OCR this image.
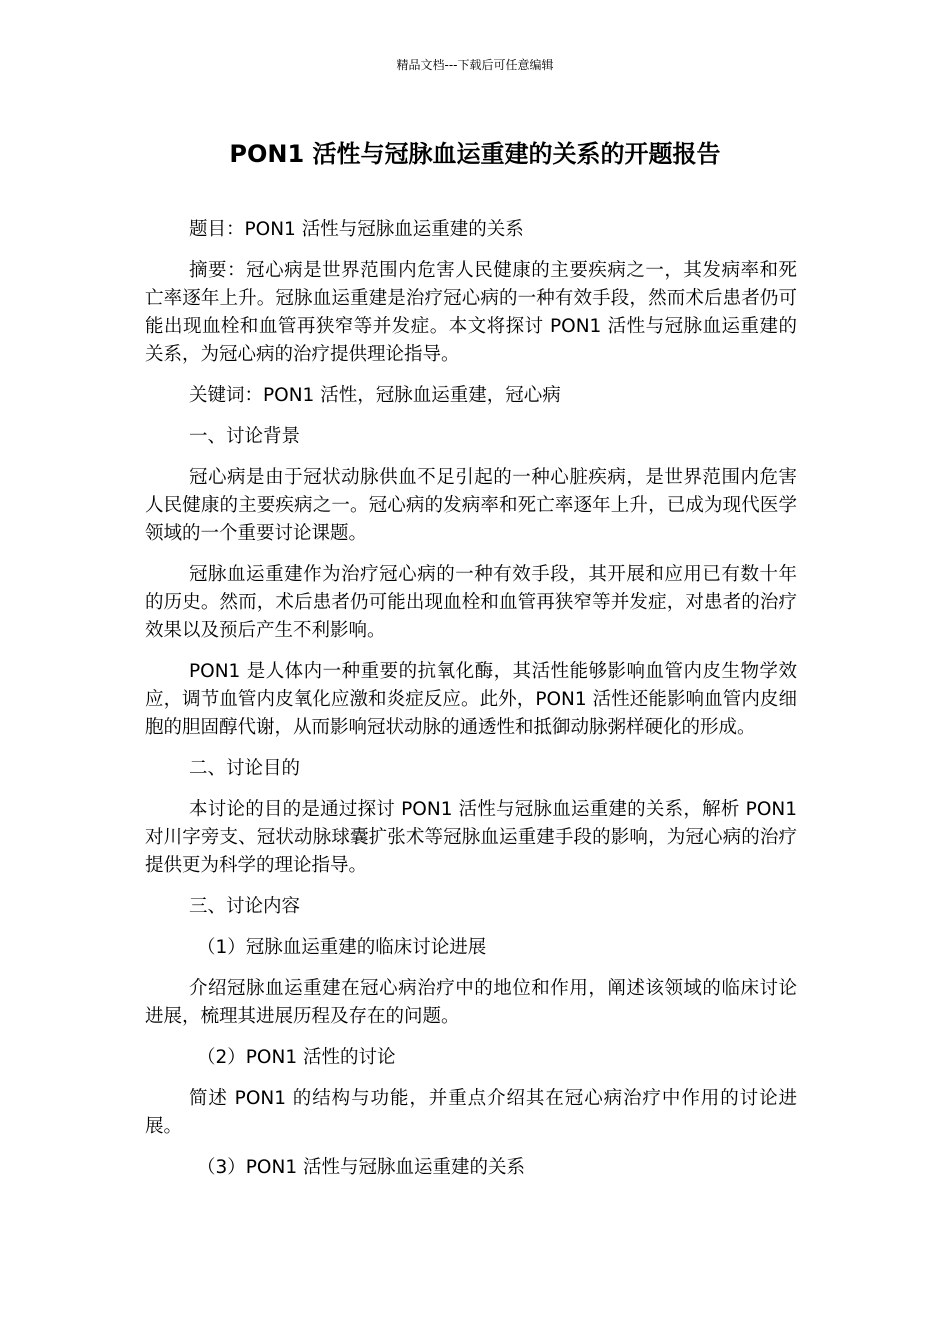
精品文档---下载后可任意编辑
PON1 活性与冠脉血运重建的关系的开题报告

题目：PON1 活性与冠脉血运重建的关系

摘要：冠心病是世界范围内危害人民健康的主要疾病之一，其发病率和死亡率逐年上升。冠脉血运重建是治疗冠心病的一种有效手段，然而术后患者仍可能出现血栓和血管再狭窄等并发症。本文将探讨 PON1 活性与冠脉血运重建的关系，为冠心病的治疗提供理论指导。

关键词：PON1 活性，冠脉血运重建，冠心病

一、讨论背景

冠心病是由于冠状动脉供血不足引起的一种心脏疾病，是世界范围内危害人民健康的主要疾病之一。冠心病的发病率和死亡率逐年上升，已成为现代医学领域的一个重要讨论课题。

冠脉血运重建作为治疗冠心病的一种有效手段，其开展和应用已有数十年的历史。然而，术后患者仍可能出现血栓和血管再狭窄等并发症，对患者的治疗效果以及预后产生不利影响。

PON1 是人体内一种重要的抗氧化酶，其活性能够影响血管内皮生物学效应，调节血管内皮氧化应激和炎症反应。此外，PON1 活性还能影响血管内皮细胞的胆固醇代谢，从而影响冠状动脉的通透性和抵御动脉粥样硬化的形成。

二、讨论目的

本讨论的目的是通过探讨 PON1 活性与冠脉血运重建的关系，解析 PON1 对川字旁支、冠状动脉球囊扩张术等冠脉血运重建手段的影响，为冠心病的治疗提供更为科学的理论指导。

三、讨论内容

（1）冠脉血运重建的临床讨论进展

介绍冠脉血运重建在冠心病治疗中的地位和作用，阐述该领域的临床讨论进展，梳理其进展历程及存在的问题。

（2）PON1 活性的讨论

简述 PON1 的结构与功能，并重点介绍其在冠心病治疗中作用的讨论进展。

（3）PON1 活性与冠脉血运重建的关系
